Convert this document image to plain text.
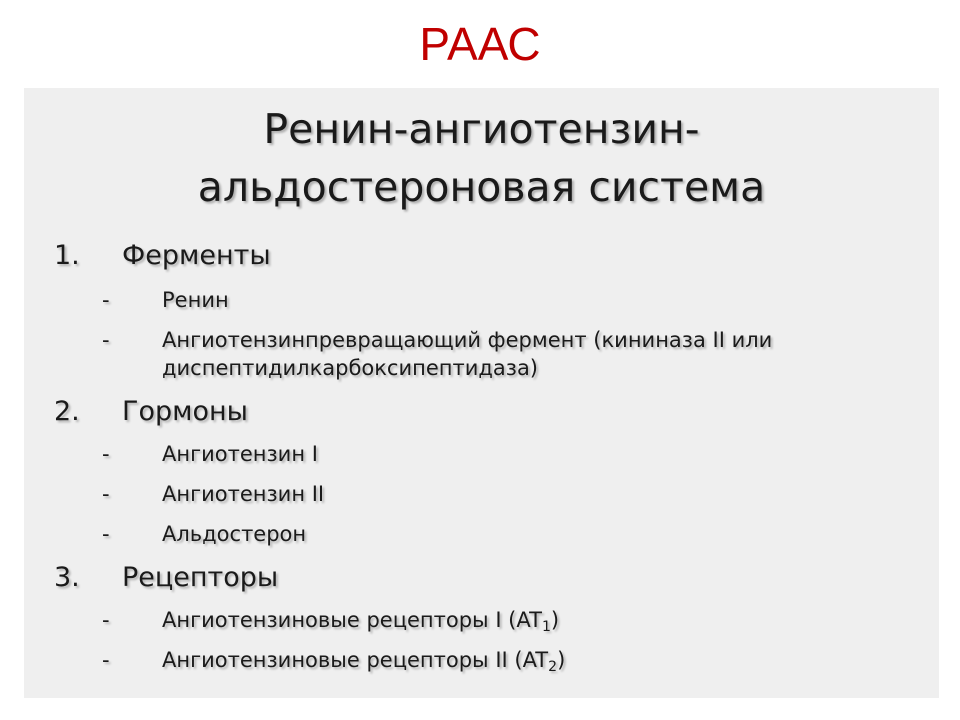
РААС
Ренин-ангиотензин-
альдостероновая система
1. Ферменты
- Ренин
- Ангиотензинпревращающий фермент (кининаза II или диспептидилкарбоксипептидаза)
2. Гормоны
- Ангиотензин I
- Ангиотензин II
- Альдостерон
3. Рецепторы
- Ангиотензиновые рецепторы I $(AT_1)$
- Ангиотензиновые рецепторы II $(AT_2)$
